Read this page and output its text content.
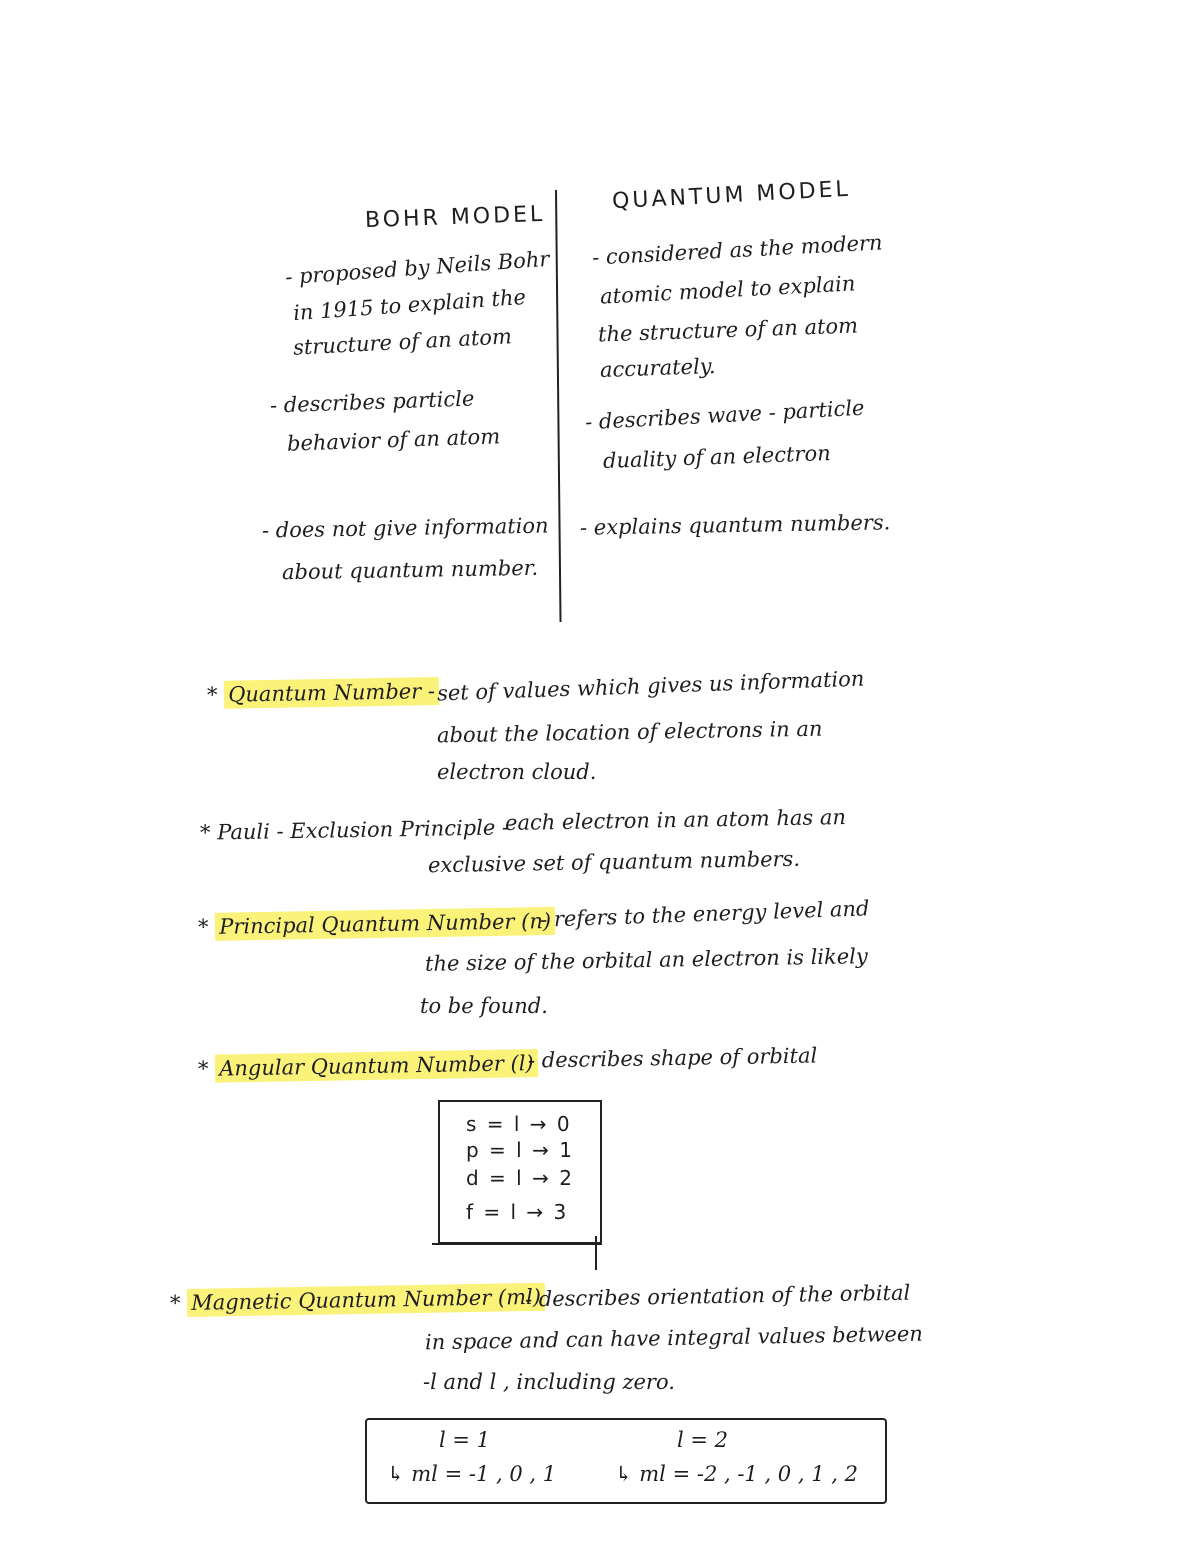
BOHR MODEL
QUANTUM MODEL
- proposed by Neils Bohr
in 1915 to explain the
structure of an atom
- describes particle
behavior of an atom
- does not give information
about quantum number.
- considered as the modern
atomic model to explain
the structure of an atom
accurately.
- describes wave - particle
duality of an electron
- explains quantum numbers.
* Quantum Number - set of values which gives us information
about the location of electrons in an
electron cloud.
* Pauli - Exclusion Principle -
each electron in an atom has an
exclusive set of quantum numbers.
* Principal Quantum Number (n)
- refers to the energy level and
the size of the orbital an electron is likely
to be found.
* Angular Quantum Number (l)
- describes shape of orbital
s = l → 0
p = l → 1
d = l → 2
f = l → 3
* Magnetic Quantum Number (ml)
- describes orientation of the orbital
in space and can have integral values between
-l and l , including zero.
l = 1
↳ ml = -1 , 0 , 1
l = 2
↳ ml = -2 , -1 , 0 , 1 , 2
